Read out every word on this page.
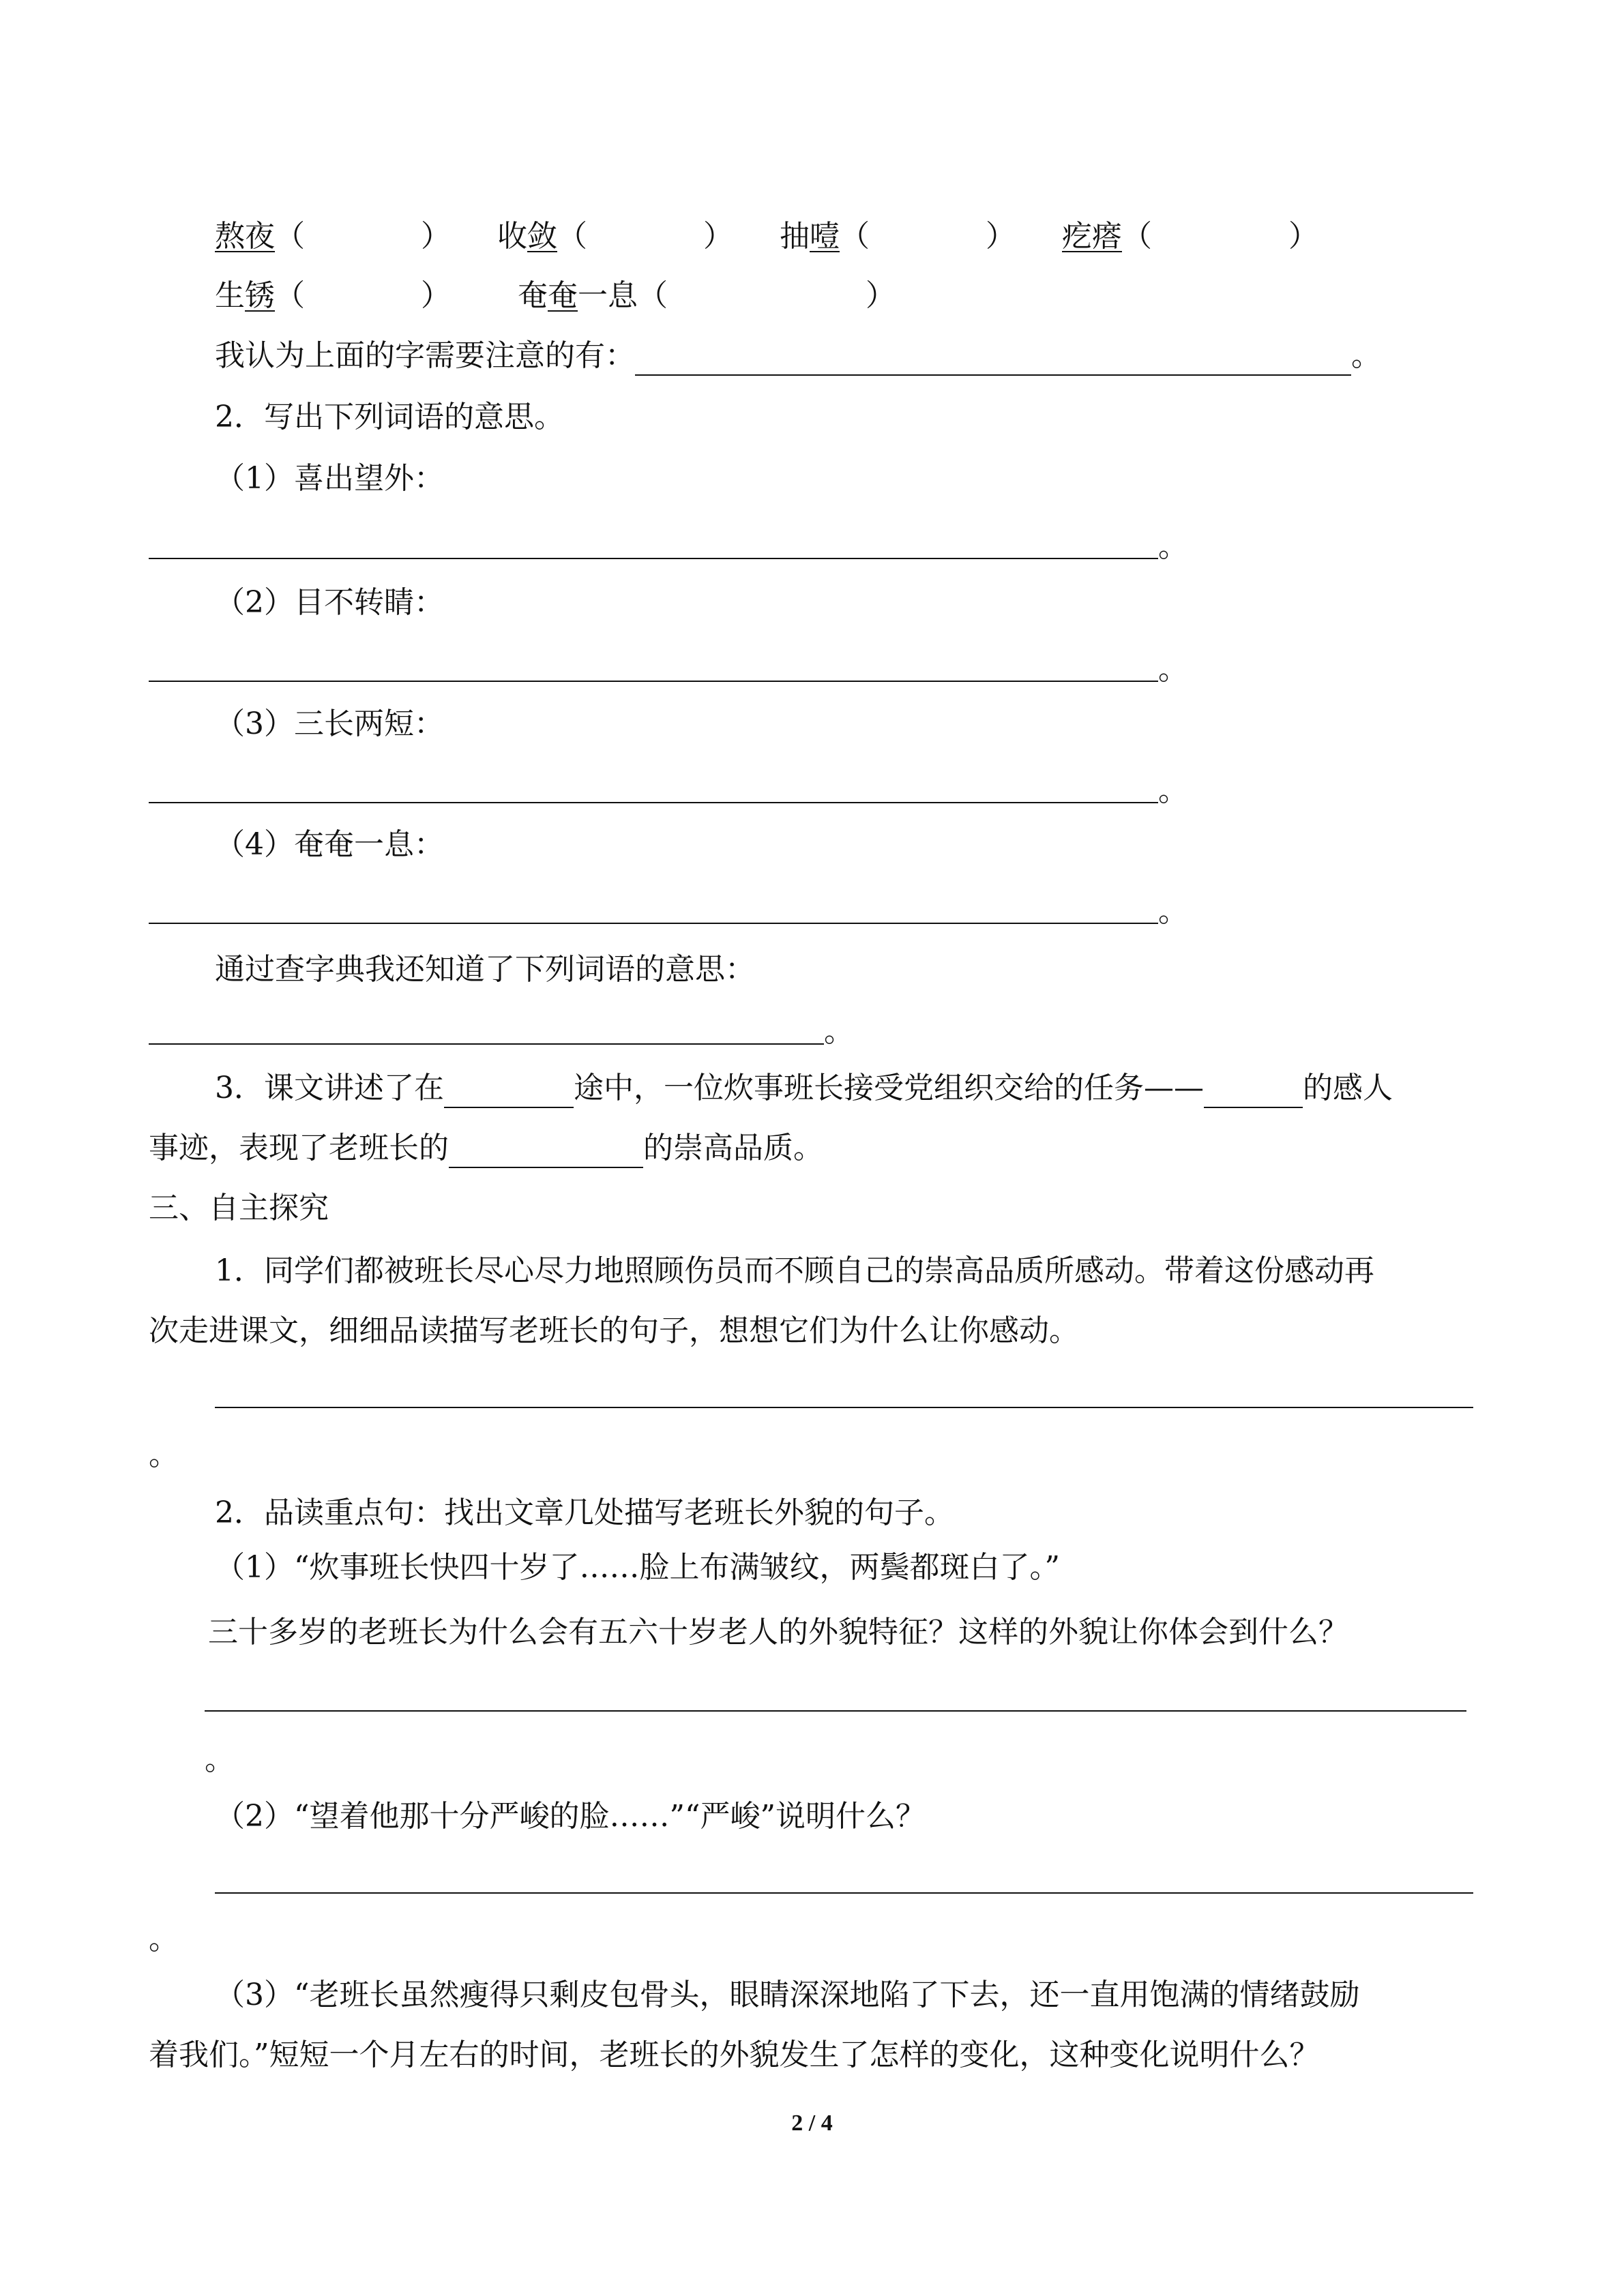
熬夜（	） 收敛（	） 抽噎（	） 疙瘩（	）
生锈（	） 奄奄一息（	）
我认为上面的字需要注意的有：	。
2．写出下列词语的意思。
（1）喜出望外：
。
（2）目不转睛：
。
（3）三长两短：
。
（4）奄奄一息：
。
通过查字典我还知道了下列词语的意思：
。
3．课文讲述了在	途中，一位炊事班长接受党组织交给的任务——	的感人
事迹，表现了老班长的	的崇高品质。
三、自主探究
1．同学们都被班长尽心尽力地照顾伤员而不顾自己的崇高品质所感动。带着这份感动再
次走进课文，细细品读描写老班长的句子，想想它们为什么让你感动。
。
2．品读重点句：找出文章几处描写老班长外貌的句子。
（1）“炊事班长快四十岁了……脸上布满皱纹，两鬓都斑白了。”
三十多岁的老班长为什么会有五六十岁老人的外貌特征？这样的外貌让你体会到什么？
。
（2）“望着他那十分严峻的脸……”“严峻”说明什么？
。
（3）“老班长虽然瘦得只剩皮包骨头，眼睛深深地陷了下去，还一直用饱满的情绪鼓励
着我们。”短短一个月左右的时间，老班长的外貌发生了怎样的变化，这种变化说明什么？
2 / 4
